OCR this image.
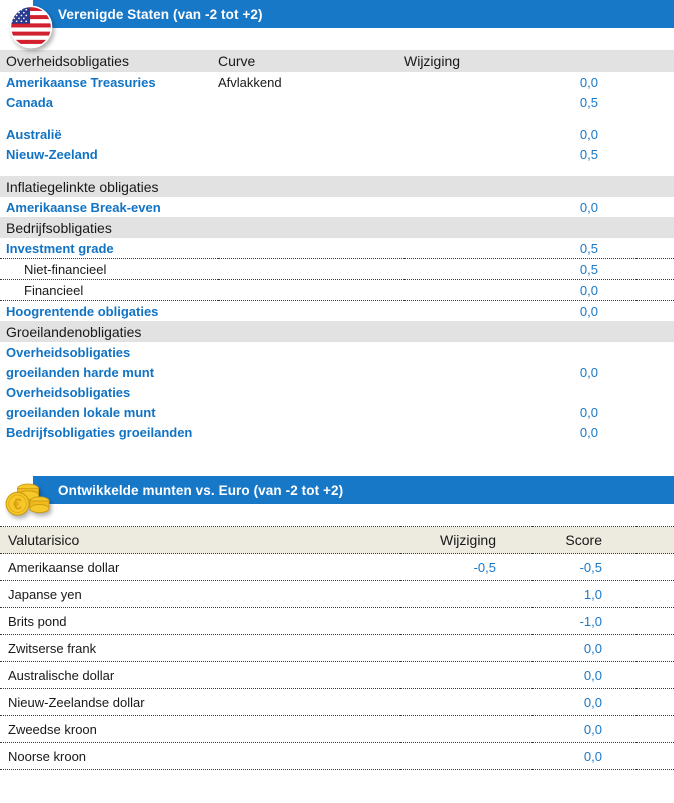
Verenigde Staten (van -2 tot +2)
Overheidsobligaties	Curve	Wijziging	
Amerikaanse Treasuries	Afvlakkend	0,0	
Canada		0,5	

Australië		0,0	
Nieuw-Zeeland		0,5	

Inflatiegelinkte obligaties			
Amerikaanse Break-even		0,0	
Bedrijfsobligaties			
Investment grade		0,5	
Niet-financieel		0,5	
Financieel		0,0	
Hoogrentende obligaties		0,0	
Groeilandenobligaties			
Overheidsobligaties			
groeilanden harde munt		0,0	
Overheidsobligaties			
groeilanden lokale munt		0,0	
Bedrijfsobligaties groeilanden		0,0	
Ontwikkelde munten vs. Euro (van -2 tot +2)
€
Valutarisico	Wijziging	Score	
Amerikaanse dollar	-0,5	-0,5	
Japanse yen		1,0	
Brits pond		-1,0	
Zwitserse frank		0,0	
Australische dollar		0,0	
Nieuw-Zeelandse dollar		0,0	
Zweedse kroon		0,0	
Noorse kroon		0,0	
